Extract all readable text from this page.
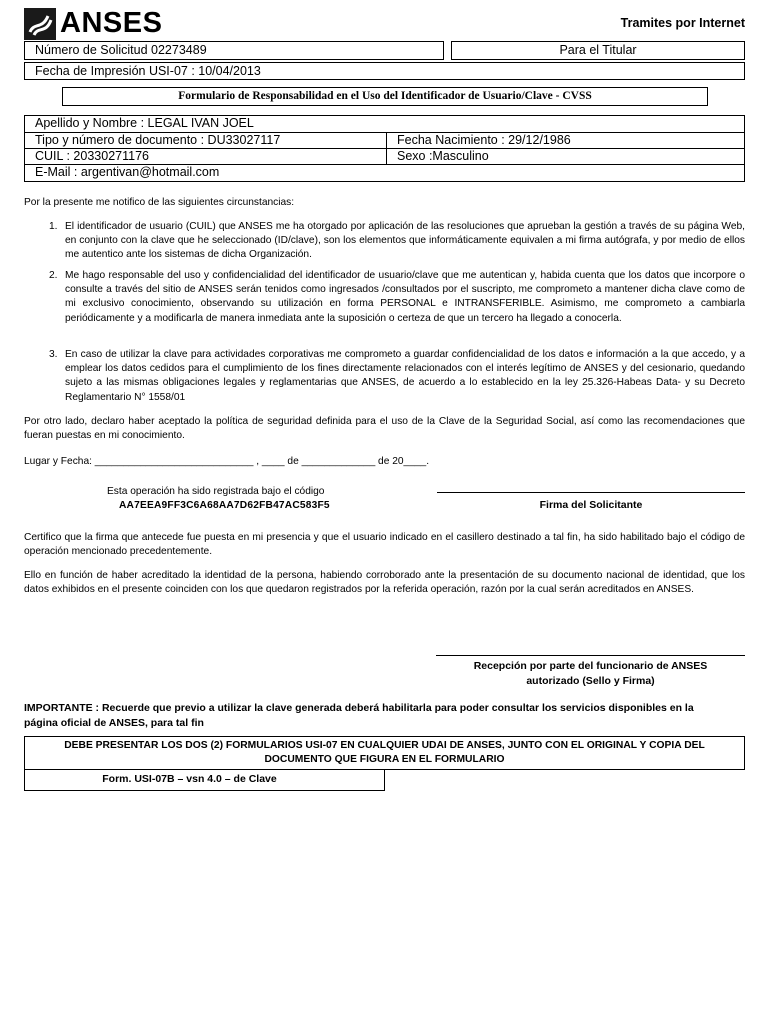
ANSES	Tramites por Internet
Número de Solicitud 02273489	Para el Titular
Fecha de Impresión USI-07 : 10/04/2013
Formulario de Responsabilidad en el Uso del Identificador de Usuario/Clave - CVSS
Apellido y Nombre : LEGAL IVAN JOEL
Tipo y número de documento : DU33027117	Fecha Nacimiento : 29/12/1986
CUIL : 20330271176	Sexo :Masculino
E-Mail : argentivan@hotmail.com
Por la presente me notifico de las siguientes circunstancias:
1. El identificador de usuario (CUIL) que ANSES me ha otorgado por aplicación de las resoluciones que aprueban la gestión a través de su página Web, en conjunto con la clave que he seleccionado (ID/clave), son los elementos que informáticamente equivalen a mi firma autógrafa, y por medio de ellos me autentico ante los sistemas de dicha Organización.
2. Me hago responsable del uso y confidencialidad del identificador de usuario/clave que me autentican y, habida cuenta que los datos que incorpore o consulte a través del sitio de ANSES serán tenidos como ingresados /consultados por el suscripto, me comprometo a mantener dicha clave como de mi exclusivo conocimiento, observando su utilización en forma PERSONAL e INTRANSFERIBLE. Asimismo, me comprometo a cambiarla periódicamente y a modificarla de manera inmediata ante la suposición o certeza de que un tercero ha llegado a conocerla.
3. En caso de utilizar la clave para actividades corporativas me comprometo a guardar confidencialidad de los datos e información a la que accedo, y a emplear los datos cedidos para el cumplimiento de los fines directamente relacionados con el interés legítimo de ANSES y del cesionario, quedando sujeto a las mismas obligaciones legales y reglamentarias que ANSES, de acuerdo a lo establecido en la ley 25.326-Habeas Data- y su Decreto Reglamentario N° 1558/01
Por otro lado, declaro haber aceptado la política de seguridad definida para el uso de la Clave de la Seguridad Social, así como las recomendaciones que fueran puestas en mi conocimiento.
Lugar y Fecha: ____________________________ , ____ de _____________ de 20____.
Esta operación ha sido registrada bajo el código
AA7EEA9FF3C6A68AA7D62FB47AC583F5	Firma del Solicitante
Certifico que la firma que antecede fue puesta en mi presencia y que el usuario indicado en el casillero destinado a tal fin, ha sido habilitado bajo el código de operación mencionado precedentemente.
Ello en función de haber acreditado la identidad de la persona, habiendo corroborado ante la presentación de su documento nacional de identidad, que los datos exhibidos en el presente coinciden con los que quedaron registrados por la referida operación, razón por la cual serán acreditados en ANSES.
Recepción por parte del funcionario de ANSES
autorizado (Sello y Firma)
IMPORTANTE : Recuerde que previo a utilizar la clave generada deberá habilitarla para poder consultar los servicios disponibles en la página oficial de ANSES, para tal fin
DEBE PRESENTAR LOS DOS (2) FORMULARIOS USI-07 EN CUALQUIER UDAI DE ANSES, JUNTO CON EL ORIGINAL Y COPIA DEL DOCUMENTO QUE FIGURA EN EL FORMULARIO
Form. USI-07B – vsn 4.0 – de Clave
